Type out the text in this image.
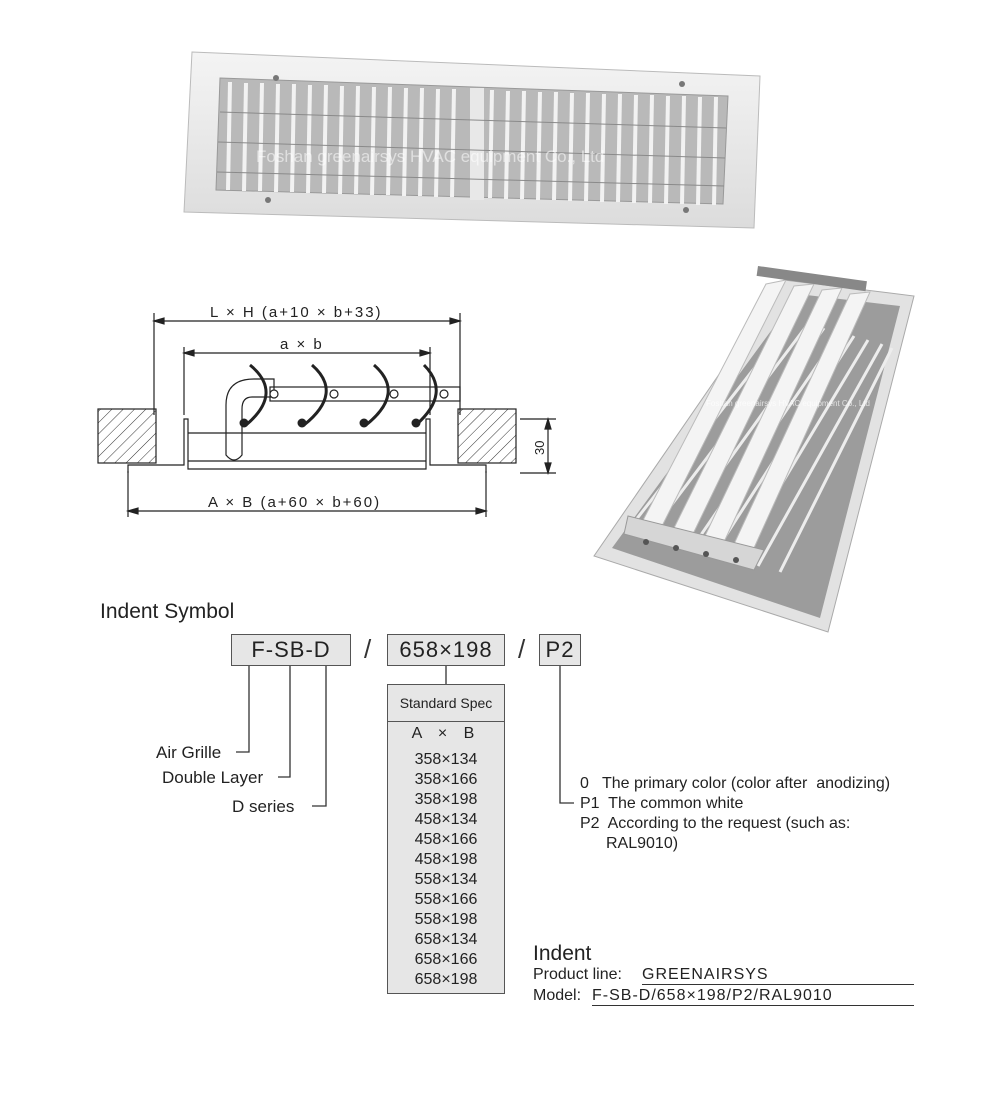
Foshan greenairsys HVAC equipment Co., Ltd
L × H (a+10 × b+33)
a × b
A × B (a+60 × b+60)
30
Foshan greenairsys HVAC equipment Co., Ltd
Indent Symbol
F-SB-D	/	658×198 / P2
Air Grille
Double Layer
D series
Standard Spec
A × B
358×134
358×166
358×198
458×134
458×166
458×198
558×134
558×166
558×198
658×134
658×166
658×198
0   The primary color (color after  anodizing)
P1  The common white
P2  According to the request (such as:
RAL9010)
Indent
Product line: GREENAIRSYS
Model: F-SB-D/658×198/P2/RAL9010
